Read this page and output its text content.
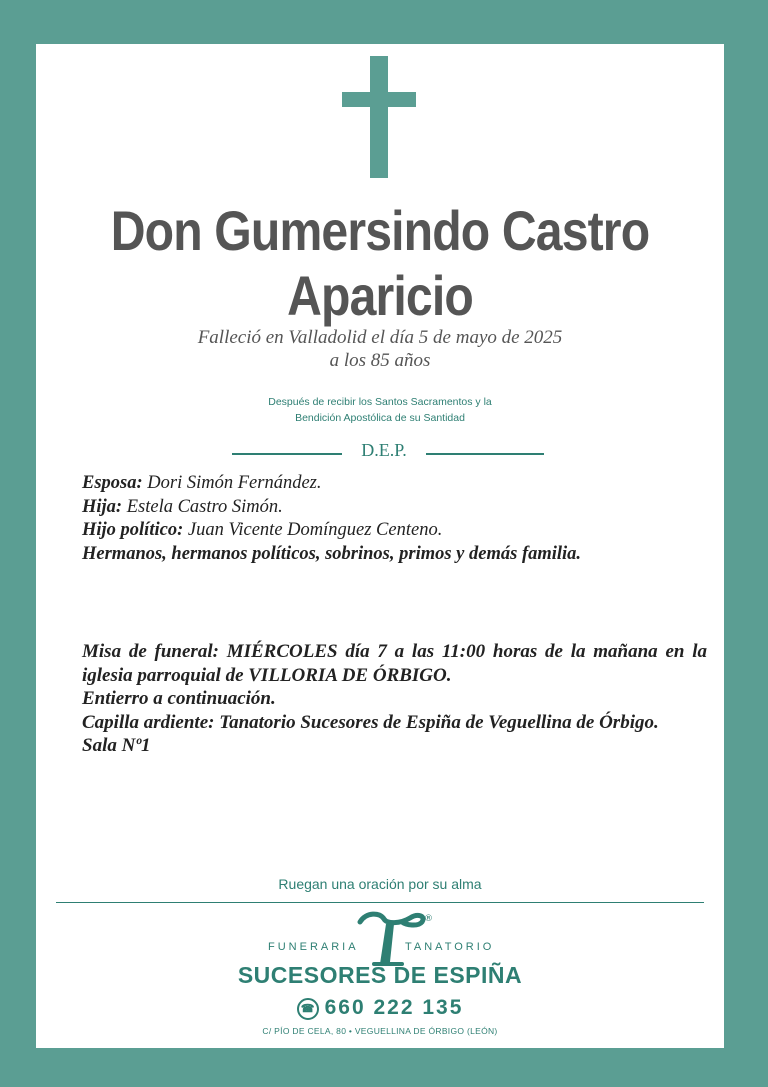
Don Gumersindo Castro Aparicio
Falleció en Valladolid el día 5 de mayo de 2025
a los 85 años
Después de recibir los Santos Sacramentos y la
Bendición Apostólica de su Santidad
D.E.P.
Esposa: Dori Simón Fernández.
Hija: Estela Castro Simón.
Hijo político: Juan Vicente Domínguez Centeno.
Hermanos, hermanos políticos, sobrinos, primos y demás familia.

Misa de funeral: MIÉRCOLES día 7 a las 11:00 horas de la mañana en la iglesia parroquial de VILLORIA DE ÓRBIGO.

Entierro a continuación.

Capilla ardiente: Tanatorio Sucesores de Espiña de Veguellina de Órbigo.

Sala Nº1

Ruegan una oración por su alma
®
FUNERARIA	TANATORIO
SUCESORES DE ESPIÑA
☎ 660 222 135
C/ PÍO DE CELA, 80 • VEGUELLINA DE ÓRBIGO (LEÓN)
